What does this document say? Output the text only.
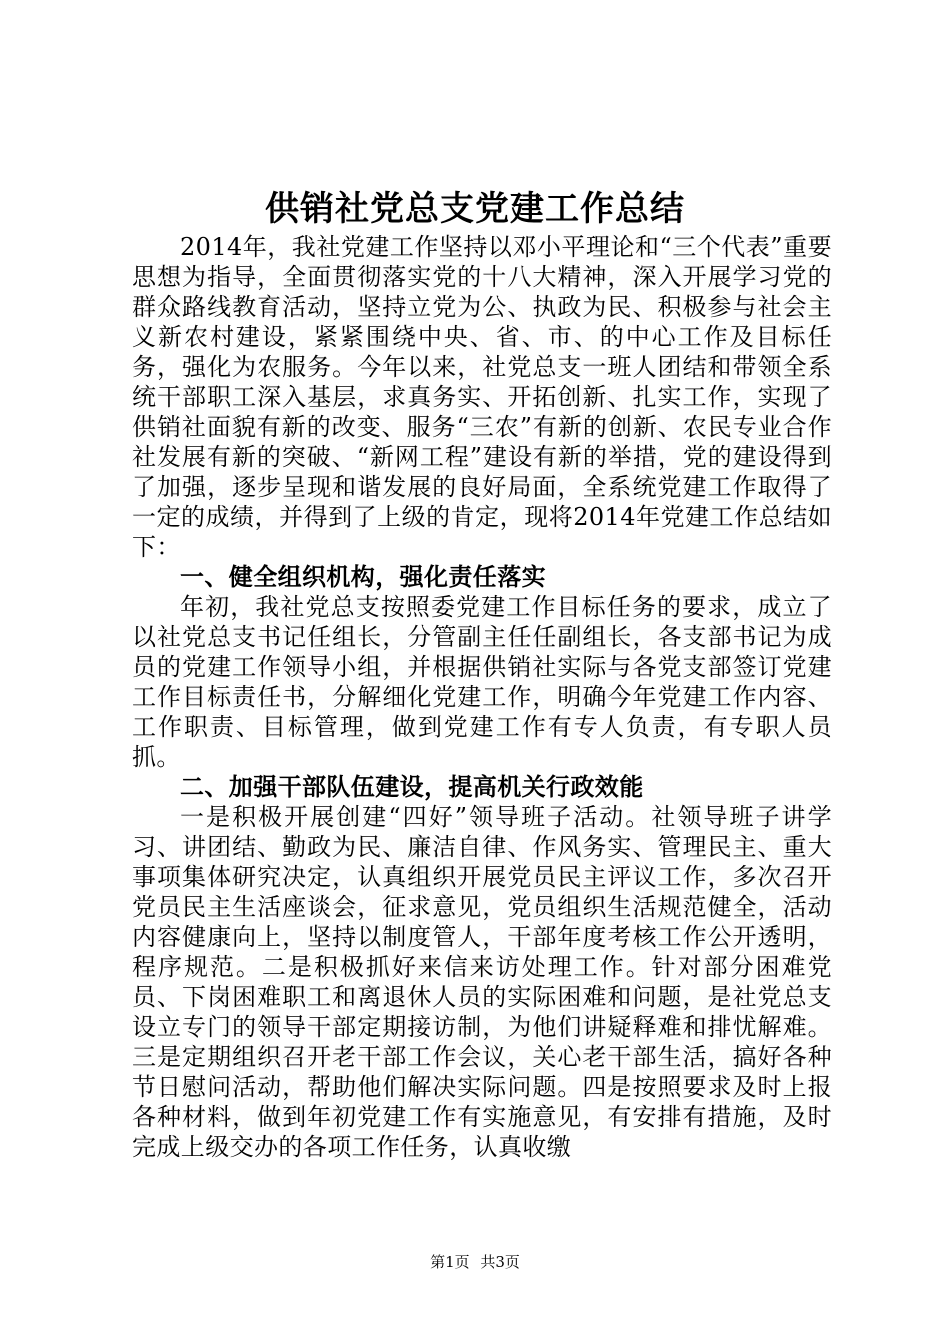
供销社党总支党建工作总结

2014年，我社党建工作坚持以邓小平理论和“三个代表”重要思想为指导，全面贯彻落实党的十八大精神，深入开展学习党的群众路线教育活动，坚持立党为公、执政为民、积极参与社会主义新农村建设，紧紧围绕中央、省、市、的中心工作及目标任务，强化为农服务。今年以来，社党总支一班人团结和带领全系统干部职工深入基层，求真务实、开拓创新、扎实工作，实现了供销社面貌有新的改变、服务“三农”有新的创新、农民专业合作社发展有新的突破、“新网工程”建设有新的举措，党的建设得到了加强，逐步呈现和谐发展的良好局面，全系统党建工作取得了一定的成绩，并得到了上级的肯定，现将2014年党建工作总结如下：

一、健全组织机构，强化责任落实

年初，我社党总支按照委党建工作目标任务的要求，成立了以社党总支书记任组长，分管副主任任副组长，各支部书记为成员的党建工作领导小组，并根据供销社实际与各党支部签订党建工作目标责任书，分解细化党建工作，明确今年党建工作内容、工作职责、目标管理，做到党建工作有专人负责，有专职人员抓。

二、加强干部队伍建设，提高机关行政效能

一是积极开展创建“四好”领导班子活动。社领导班子讲学习、讲团结、勤政为民、廉洁自律、作风务实、管理民主、重大事项集体研究决定，认真组织开展党员民主评议工作，多次召开党员民主生活座谈会，征求意见，党员组织生活规范健全，活动内容健康向上，坚持以制度管人，干部年度考核工作公开透明，程序规范。二是积极抓好来信来访处理工作。针对部分困难党员、下岗困难职工和离退休人员的实际困难和问题，是社党总支设立专门的领导干部定期接访制，为他们讲疑释难和排忧解难。三是定期组织召开老干部工作会议，关心老干部生活，搞好各种节日慰问活动，帮助他们解决实际问题。四是按照要求及时上报各种材料，做到年初党建工作有实施意见，有安排有措施，及时完成上级交办的各项工作任务，认真收缴

第1页 共3页
